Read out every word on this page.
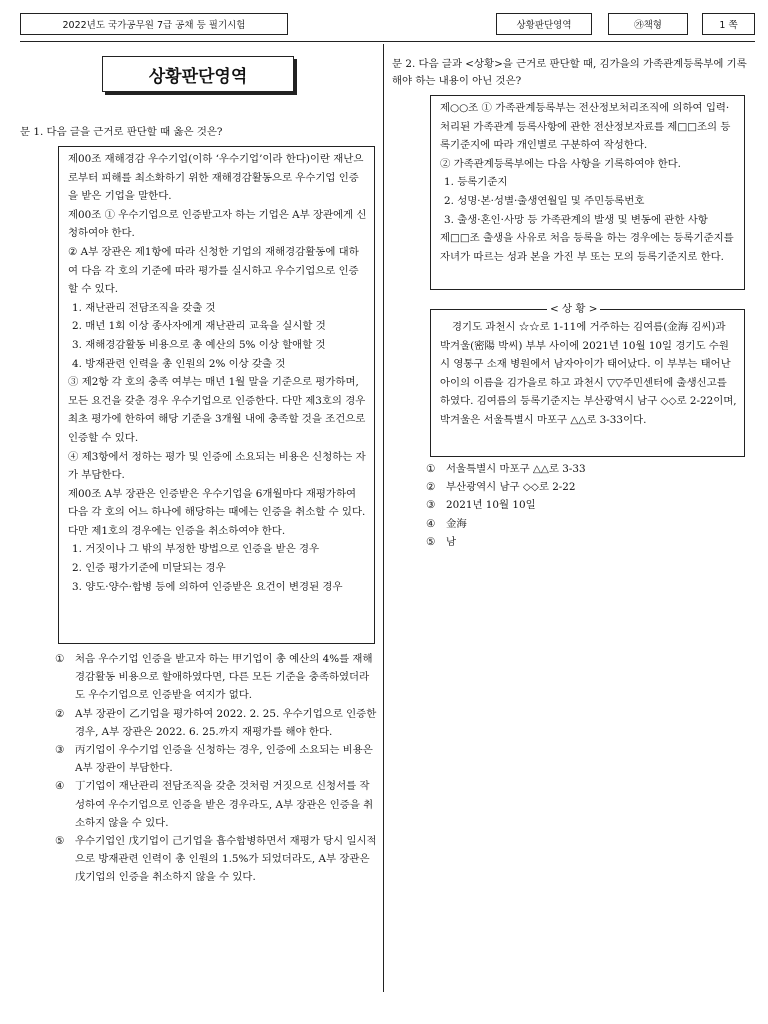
2022년도 국가공무원 7급 공채 등 필기시험	상황판단영역	㉮책형	1 쪽
상황판단영역
문 1. 다음 글을 근거로 판단할 때 옳은 것은?

제00조 재해경감 우수기업(이하 ‘우수기업’이라 한다)이란 재난으로부터 피해를 최소화하기 위한 재해경감활동으로 우수기업 인증을 받은 기업을 말한다.

제00조 ① 우수기업으로 인증받고자 하는 기업은 A부 장관에게 신청하여야 한다.

② A부 장관은 제1항에 따라 신청한 기업의 재해경감활동에 대하여 다음 각 호의 기준에 따라 평가를 실시하고 우수기업으로 인증할 수 있다.

1. 재난관리 전담조직을 갖출 것

2. 매년 1회 이상 종사자에게 재난관리 교육을 실시할 것

3. 재해경감활동 비용으로 총 예산의 5% 이상 할애할 것

4. 방재관련 인력을 총 인원의 2% 이상 갖출 것

③ 제2항 각 호의 충족 여부는 매년 1월 말을 기준으로 평가하며, 모든 요건을 갖춘 경우 우수기업으로 인증한다. 다만 제3호의 경우 최초 평가에 한하여 해당 기준을 3개월 내에 충족할 것을 조건으로 인증할 수 있다.

④ 제3항에서 정하는 평가 및 인증에 소요되는 비용은 신청하는 자가 부담한다.

제00조 A부 장관은 인증받은 우수기업을 6개월마다 재평가하여 다음 각 호의 어느 하나에 해당하는 때에는 인증을 취소할 수 있다. 다만 제1호의 경우에는 인증을 취소하여야 한다.

1. 거짓이나 그 밖의 부정한 방법으로 인증을 받은 경우

2. 인증 평가기준에 미달되는 경우

3. 양도·양수·합병 등에 의하여 인증받은 요건이 변경된 경우

①	처음 우수기업 인증을 받고자 하는 甲기업이 총 예산의 4%를 재해경감활동 비용으로 할애하였다면, 다른 모든 기준을 충족하였더라도 우수기업으로 인증받을 여지가 없다.
②	A부 장관이 乙기업을 평가하여 2022. 2. 25. 우수기업으로 인증한 경우, A부 장관은 2022. 6. 25.까지 재평가를 해야 한다.
③	丙기업이 우수기업 인증을 신청하는 경우, 인증에 소요되는 비용은 A부 장관이 부담한다.
④	丁기업이 재난관리 전담조직을 갖춘 것처럼 거짓으로 신청서를 작성하여 우수기업으로 인증을 받은 경우라도, A부 장관은 인증을 취소하지 않을 수 있다.
⑤	우수기업인 戊기업이 己기업을 흡수합병하면서 재평가 당시 일시적으로 방재관련 인력이 총 인원의 1.5%가 되었더라도, A부 장관은 戊기업의 인증을 취소하지 않을 수 있다.
문 2. 다음 글과 <상황>을 근거로 판단할 때, 김가을의 가족관계등록부에 기록해야 하는 내용이 아닌 것은?

제○○조 ① 가족관계등록부는 전산정보처리조직에 의하여 입력·처리된 가족관계 등록사항에 관한 전산정보자료를 제□□조의 등록기준지에 따라 개인별로 구분하여 작성한다.

② 가족관계등록부에는 다음 사항을 기록하여야 한다.

1. 등록기준지

2. 성명·본·성별·출생연월일 및 주민등록번호

3. 출생·혼인·사망 등 가족관계의 발생 및 변동에 관한 사항

제□□조 출생을 사유로 처음 등록을 하는 경우에는 등록기준지를 자녀가 따르는 성과 본을 가진 부 또는 모의 등록기준지로 한다.

경기도 과천시 ☆☆로 1-11에 거주하는 김여름(金海 김씨)과 박겨울(密陽 박씨) 부부 사이에 2021년 10월 10일 경기도 수원시 영통구 소재 병원에서 남자아이가 태어났다. 이 부부는 태어난 아이의 이름을 김가을로 하고 과천시 ▽▽주민센터에 출생신고를 하였다. 김여름의 등록기준지는 부산광역시 남구 ◇◇로 2-22이며, 박겨울은 서울특별시 마포구 △△로 3-33이다.

< 상 황 >
①	서울특별시 마포구 △△로 3-33
②	부산광역시 남구 ◇◇로 2-22
③	2021년 10월 10일
④	金海
⑤	남
